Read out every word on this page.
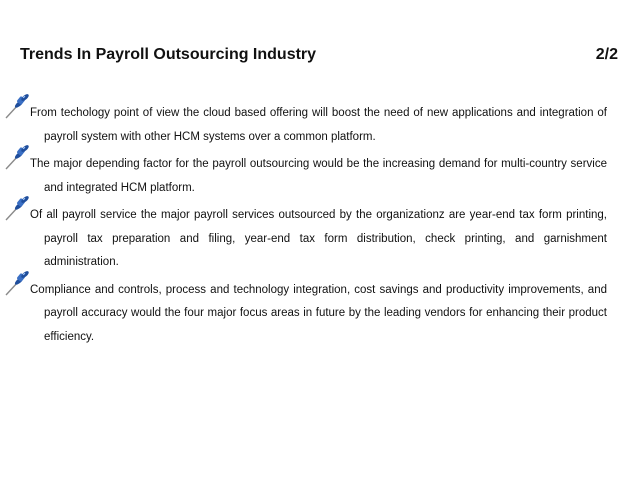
Trends In Payroll Outsourcing Industry	2/2

From techology point of view the cloud based offering will boost the need of new applications and integration of payroll system with other HCM systems over a common platform.

The major depending factor for the payroll outsourcing would be the increasing demand for multi-country service and integrated HCM platform.

Of all payroll service the major payroll services outsourced by the organizationz are year-end tax form printing, payroll tax preparation and filing, year-end tax form distribution, check printing, and garnishment administration.

Compliance and controls, process and technology integration, cost savings and productivity improvements, and payroll accuracy would the four major focus areas in future by the leading vendors for enhancing their product efficiency.
